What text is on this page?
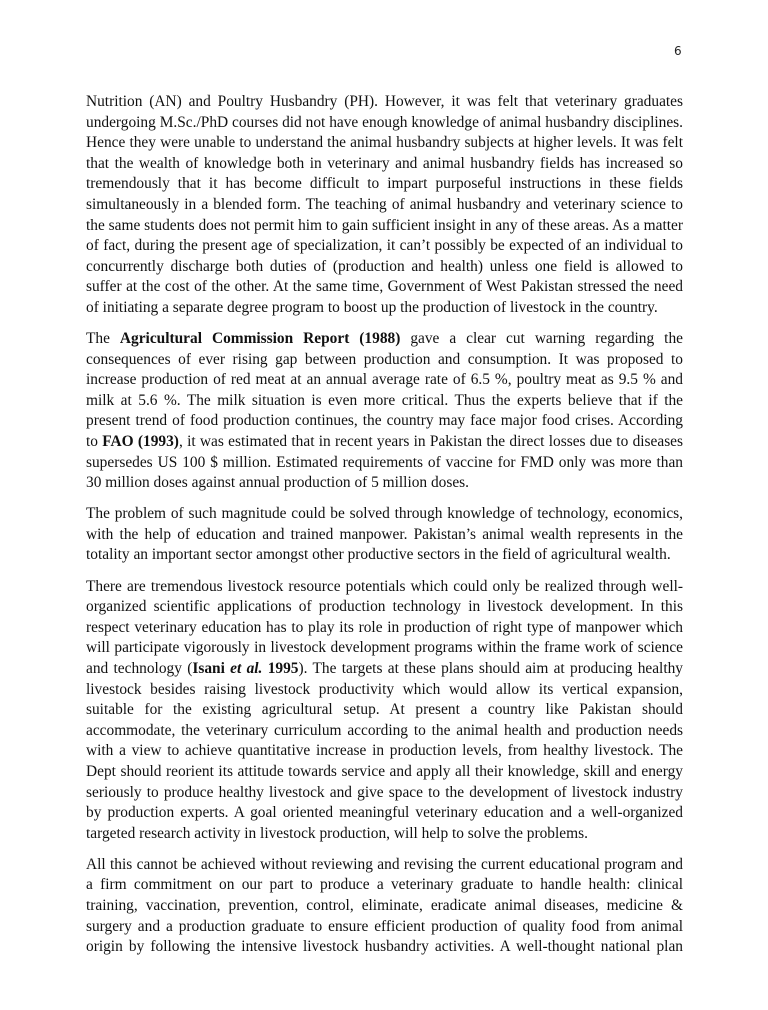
6

Nutrition (AN) and Poultry Husbandry (PH). However, it was felt that veterinary graduates undergoing M.Sc./PhD courses did not have enough knowledge of animal husbandry disciplines. Hence they were unable to understand the animal husbandry subjects at higher levels. It was felt that the wealth of knowledge both in veterinary and animal husbandry fields has increased so tremendously that it has become difficult to impart purposeful instructions in these fields simultaneously in a blended form. The teaching of animal husbandry and veterinary science to the same students does not permit him to gain sufficient insight in any of these areas. As a matter of fact, during the present age of specialization, it can’t possibly be expected of an individual to concurrently discharge both duties of (production and health) unless one field is allowed to suffer at the cost of the other. At the same time, Government of West Pakistan stressed the need of initiating a separate degree program to boost up the production of livestock in the country.

The Agricultural Commission Report (1988) gave a clear cut warning regarding the consequences of ever rising gap between production and consumption. It was proposed to increase production of red meat at an annual average rate of 6.5 %, poultry meat as 9.5 % and milk at 5.6 %. The milk situation is even more critical. Thus the experts believe that if the present trend of food production continues, the country may face major food crises. According to FAO (1993), it was estimated that in recent years in Pakistan the direct losses due to diseases supersedes US 100 $ million. Estimated requirements of vaccine for FMD only was more than 30 million doses against annual production of 5 million doses.

The problem of such magnitude could be solved through knowledge of technology, economics, with the help of education and trained manpower. Pakistan’s animal wealth represents in the totality an important sector amongst other productive sectors in the field of agricultural wealth.

There are tremendous livestock resource potentials which could only be realized through well-organized scientific applications of production technology in livestock development. In this respect veterinary education has to play its role in production of right type of manpower which will participate vigorously in livestock development programs within the frame work of science and technology (Isani et al. 1995). The targets at these plans should aim at producing healthy livestock besides raising livestock productivity which would allow its vertical expansion, suitable for the existing agricultural setup. At present a country like Pakistan should accommodate, the veterinary curriculum according to the animal health and production needs with a view to achieve quantitative increase in production levels, from healthy livestock. The Dept should reorient its attitude towards service and apply all their knowledge, skill and energy seriously to produce healthy livestock and give space to the development of livestock industry by production experts. A goal oriented meaningful veterinary education and a well-organized targeted research activity in livestock production, will help to solve the problems.

All this cannot be achieved without reviewing and revising the current educational program and a firm commitment on our part to produce a veterinary graduate to handle health: clinical training, vaccination, prevention, control, eliminate, eradicate animal diseases, medicine & surgery and a production graduate to ensure efficient production of quality food from animal origin by following the intensive livestock husbandry activities. A well-thought national plan
